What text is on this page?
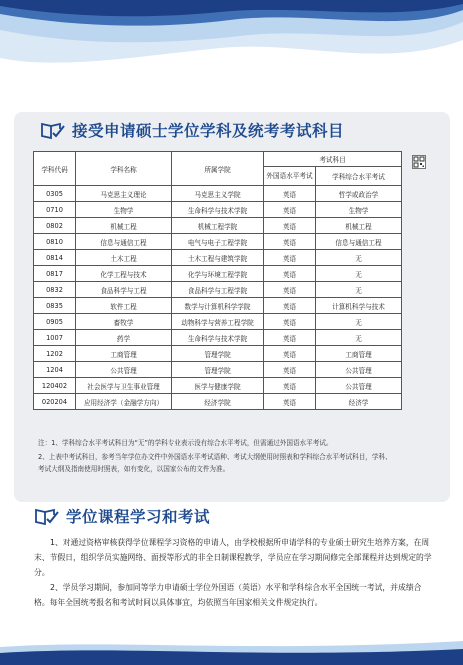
接受申请硕士学位学科及统考考试科目
学科代码	学科名称	所属学院	考试科目	
			外国语水平考试	学科综合水平考试
0305	马克思主义理论	马克思主义学院	英语	哲学或政治学
0710	生物学	生命科学与技术学院	英语	生物学
0802	机械工程	机械工程学院	英语	机械工程
0810	信息与通信工程	电气与电子工程学院	英语	信息与通信工程
0814	土木工程	土木工程与建筑学院	英语	无
0817	化学工程与技术	化学与环境工程学院	英语	无
0832	食品科学与工程	食品科学与工程学院	英语	无
0835	软件工程	数学与计算机科学学院	英语	计算机科学与技术
0905	畜牧学	动物科学与营养工程学院	英语	无
1007	药学	生命科学与技术学院	英语	无
1202	工商管理	管理学院	英语	工商管理
1204	公共管理	管理学院	英语	公共管理
120402	社会医学与卫生事业管理	医学与健康学院	英语	公共管理
020204	应用经济学（金融学方向）	经济学院	英语	经济学

注：1、学科综合水平考试科目为“无”的学科专业表示没有综合水平考试，但需通过外国语水平考试。

2、上表中考试科目，参考当年学位办文件中外国语水平考试语种、考试大纲使用时照表和学科综合水平考试科目，学科、考试大纲及指南使用时照表，如有变化，以国家公布的文件为准。

学位课程学习和考试

1、对通过资格审核获得学位课程学习资格的申请人，由学校根据所申请学科的专业硕士研究生培养方案，在周末、节假日，组织学员实施网络、面授等形式的非全日制课程教学，学员应在学习期间修完全部课程并达到规定的学分。

2、学员学习期间，参加同等学力申请硕士学位外国语（英语）水平和学科综合水平全国统一考试，并成绩合格。每年全国统考报名和考试时间以具体事宜，均依照当年国家相关文件规定执行。
